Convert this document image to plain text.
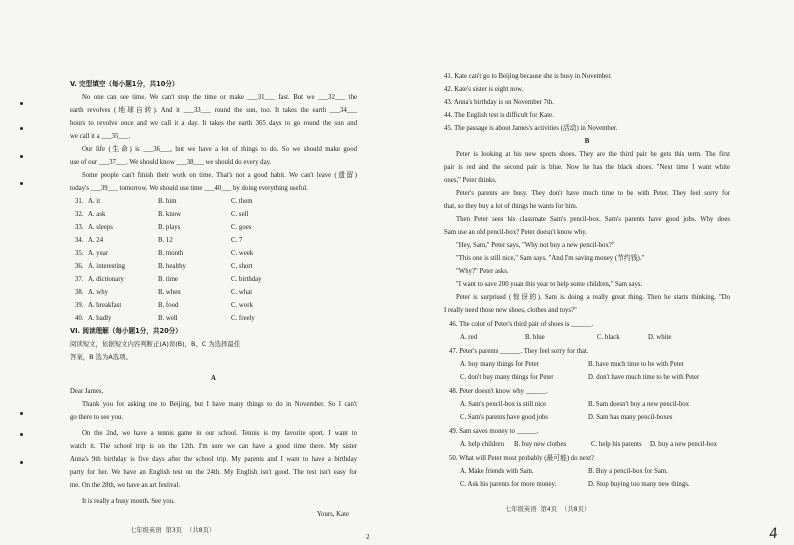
V. 完型填空（每小题1分，共10分）
No one can see time. We can't stop the time or make ___31___ fast. But we ___32___ the
earth revolves (地球自转). And it ___33___ round the sun, too. It takes the earth ___34___
hours to revolve once and we call it a day. It takes the earth 365 days to go round the sun and
we call it a ___35___.
Our life (生命) is ___36___, but we have a lot of things to do. So we should make good
use of our ___37___. We should know ___38___ we should do every day.
Some people can't finish their work on time. That's not a good habit. We can't leave (遗留)
today's ___39___ tomorrow. We should use time ___40___ by doing everything useful.
31. A. it	B. him	C. them
32. A. ask	B. know	C. sell
33. A. sleeps	B. plays	C. goes
34. A. 24	B. 12	C. 7
35. A. year	B. month	C. week
36. A. interesting	B. healthy	C. short
37. A. dictionary	B. time	C. birthday
38. A. why	B. when	C. what
39. A. breakfast	B. food	C. work
40. A. badly	B. well	C. freely
VI. 阅读理解（每小题1分，共20分）
阅读短文，依据短文内容判断正(A)误(B)，B、C 为选择最佳
答案，B 选为A选项。
A
Dear James,
Thank you for asking me to Beijing, but I have many things to do in November. So I can't
go there to see you.
On the 2nd, we have a tennis game in our school. Tennis is my favorite sport. I want to
watch it. The school trip is on the 12th. I'm sure we can have a good time there. My sister
Anna's 9th birthday is five days after the school trip. My parents and I want to have a birthday
party for her. We have an English test on the 24th. My English isn't good. The test isn't easy for
me. On the 28th, we have an art festival.
It is really a busy month. See you.
Yours, Kate
七年级英语  第3页  （共8页）
41. Kate can't go to Beijing because she is busy in November.
42. Kate's sister is eight now.
43. Anna's birthday is on November 7th.
44. The English test is difficult for Kate.
45. The passage is about James's activities (活动) in November.
B
Peter is looking at his new sports shoes. They are the third pair he gets this term. The first
pair is red and the second pair is blue. Now he has the black shoes. "Next time I want white
ones," Peter thinks.
Peter's parents are busy. They don't have much time to be with Peter. They feel sorry for
that, so they buy a lot of things he wants for him.
Then Peter sees his classmate Sam's pencil-box. Sam's parents have good jobs. Why does
Sam use an old pencil-box? Peter doesn't know why.
"Hey, Sam," Peter says, "Why not buy a new pencil-box?"
"This one is still nice," Sam says. "And I'm saving money (节约钱)."
"Why?" Peter asks.
"I want to save 200 yuan this year to help some children," Sam says.
Peter is surprised (惊讶的). Sam is doing a really great thing. Then he starts thinking, "Do
I really need those new shoes, clothes and toys?"
46. The color of Peter's third pair of shoes is ______.
A. red	B. blue	C. black	D. white
47. Peter's parents ______. They feel sorry for that.
A. buy many things for Peter	B. have much time to be with Peter
C. don't buy many things for Peter	D. don't have much time to be with Peter
48. Peter doesn't know why ______.
A. Sam's pencil-box is still nice	B. Sam doesn't buy a new pencil-box
C. Sam's parents have good jobs	D. Sam has many pencil-boxes
49. Sam saves money to ______.
A. help children B. buy new clothes	C. help his parents D. buy a new pencil-box
50. What will Peter most probably (最可能) do next?
A. Make friends with Sam.	B. Buy a pencil-box for Sam.
C. Ask his parents for more money.	D. Stop buying too many new things.
七年级英语  第4页  （共8页）
2	4
